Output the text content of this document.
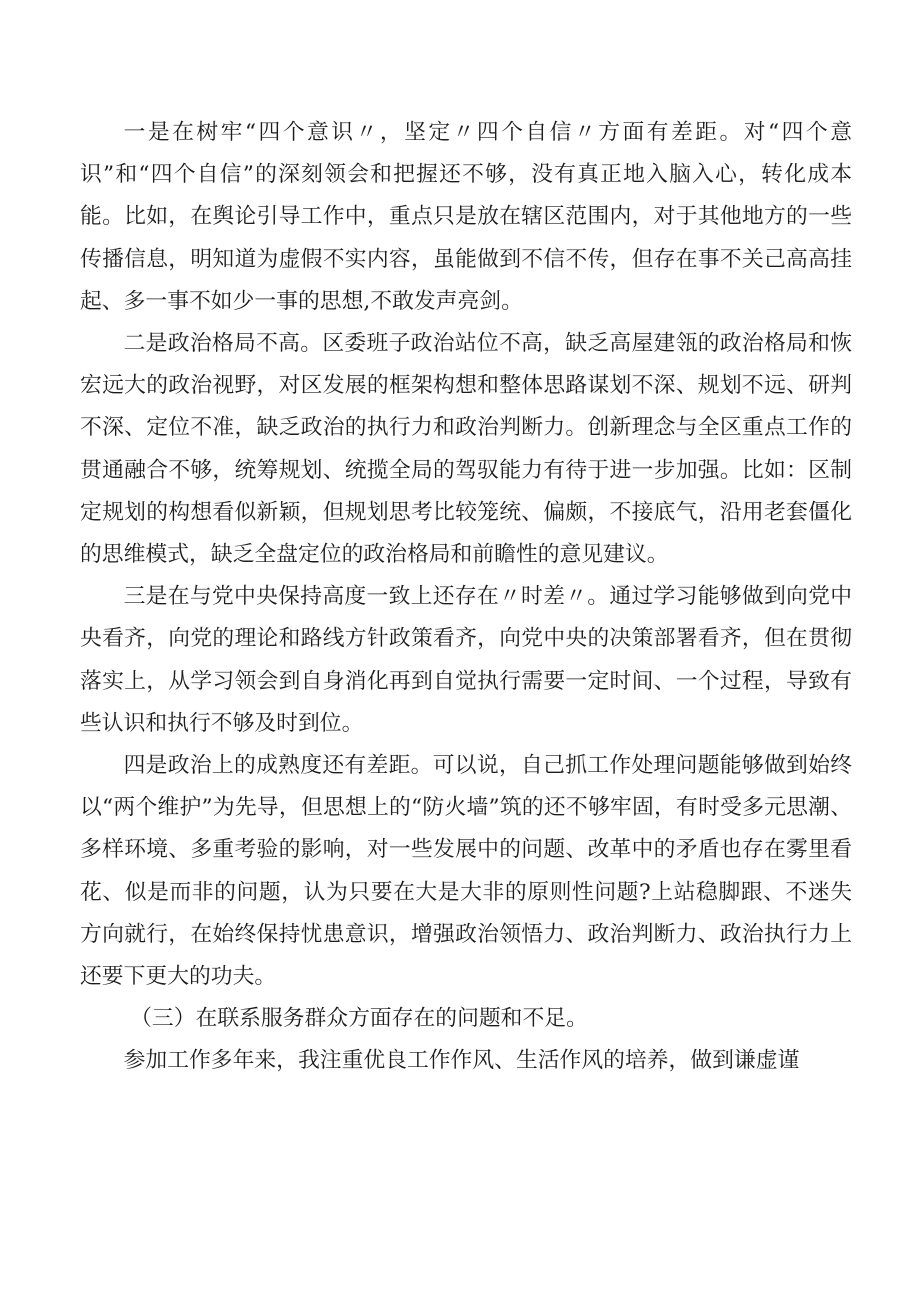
一是在树牢“四个意识〃，坚定〃四个自信〃方面有差距。对“四个意识”和“四个自信”的深刻领会和把握还不够，没有真正地入脑入心，转化成本能。比如，在舆论引导工作中，重点只是放在辖区范围内，对于其他地方的一些传播信息，明知道为虚假不实内容，虽能做到不信不传，但存在事不关己高高挂起、多一事不如少一事的思想,不敢发声亮剑。

二是政治格局不高。区委班子政治站位不高，缺乏高屋建瓴的政治格局和恢宏远大的政治视野，对区发展的框架构想和整体思路谋划不深、规划不远、研判不深、定位不准，缺乏政治的执行力和政治判断力。创新理念与全区重点工作的贯通融合不够，统筹规划、统揽全局的驾驭能力有待于进一步加强。比如：区制定规划的构想看似新颖，但规划思考比较笼统、偏颇，不接底气，沿用老套僵化的思维模式，缺乏全盘定位的政治格局和前瞻性的意见建议。

三是在与党中央保持高度一致上还存在〃时差〃。通过学习能够做到向党中央看齐，向党的理论和路线方针政策看齐，向党中央的决策部署看齐，但在贯彻落实上，从学习领会到自身消化再到自觉执行需要一定时间、一个过程，导致有些认识和执行不够及时到位。

四是政治上的成熟度还有差距。可以说，自己抓工作处理问题能够做到始终以“两个维护”为先导，但思想上的“防火墙”筑的还不够牢固，有时受多元思潮、多样环境、多重考验的影响，对一些发展中的问题、改革中的矛盾也存在雾里看花、似是而非的问题，认为只要在大是大非的原则性问题?上站稳脚跟、不迷失方向就行，在始终保持忧患意识，增强政治领悟力、政治判断力、政治执行力上还要下更大的功夫。

（三）在联系服务群众方面存在的问题和不足。

参加工作多年来，我注重优良工作作风、生活作风的培养，做到谦虚谨
